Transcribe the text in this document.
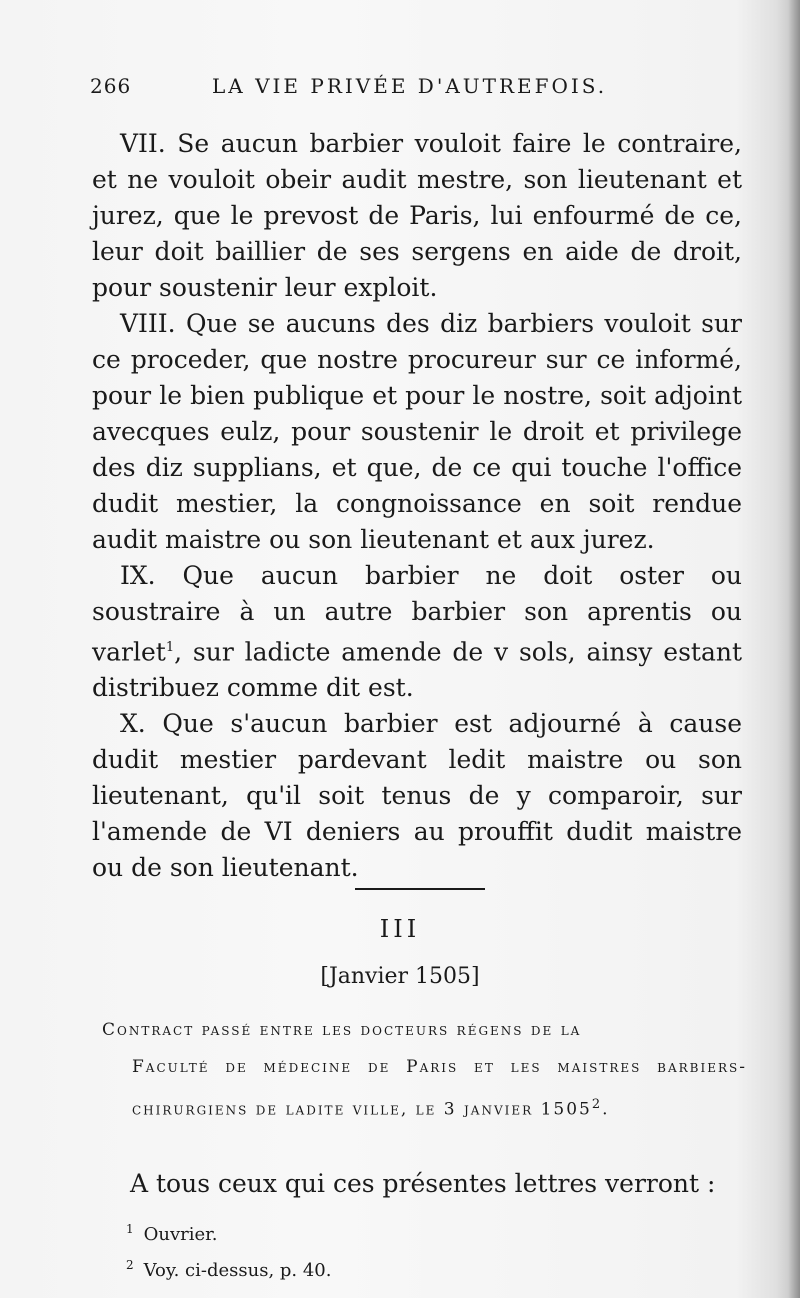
266	LA VIE PRIVÉE D'AUTREFOIS.

VII. Se aucun barbier vouloit faire le contraire, et ne vouloit obeir audit mestre, son lieutenant et jurez, que le prevost de Paris, lui enfourmé de ce, leur doit baillier de ses sergens en aide de droit, pour soustenir leur exploit.

VIII. Que se aucuns des diz barbiers vouloit sur ce proceder, que nostre procureur sur ce informé, pour le bien publique et pour le nostre, soit adjoint avecques eulz, pour soustenir le droit et privilege des diz supplians, et que, de ce qui touche l'office dudit mestier, la congnoissance en soit rendue audit maistre ou son lieutenant et aux jurez.

IX. Que aucun barbier ne doit oster ou soustraire à un autre barbier son aprentis ou varlet$^1$, sur ladicte amende de v sols, ainsy estant distribuez comme dit est.

X. Que s'aucun barbier est adjourné à cause dudit mestier pardevant ledit maistre ou son lieutenant, qu'il soit tenus de y comparoir, sur l'amende de VI deniers au prouffit dudit maistre ou de son lieutenant.

III
[Janvier 1505]
Contract passé entre les docteurs régens de la
Faculté de médecine de Paris et les maistres barbiers-chirurgiens de ladite ville, le 3 janvier 1505$^2$.

A tous ceux qui ces présentes lettres verront :

$^1$ Ouvrier.
$^2$ Voy. ci-dessus, p. 40.
